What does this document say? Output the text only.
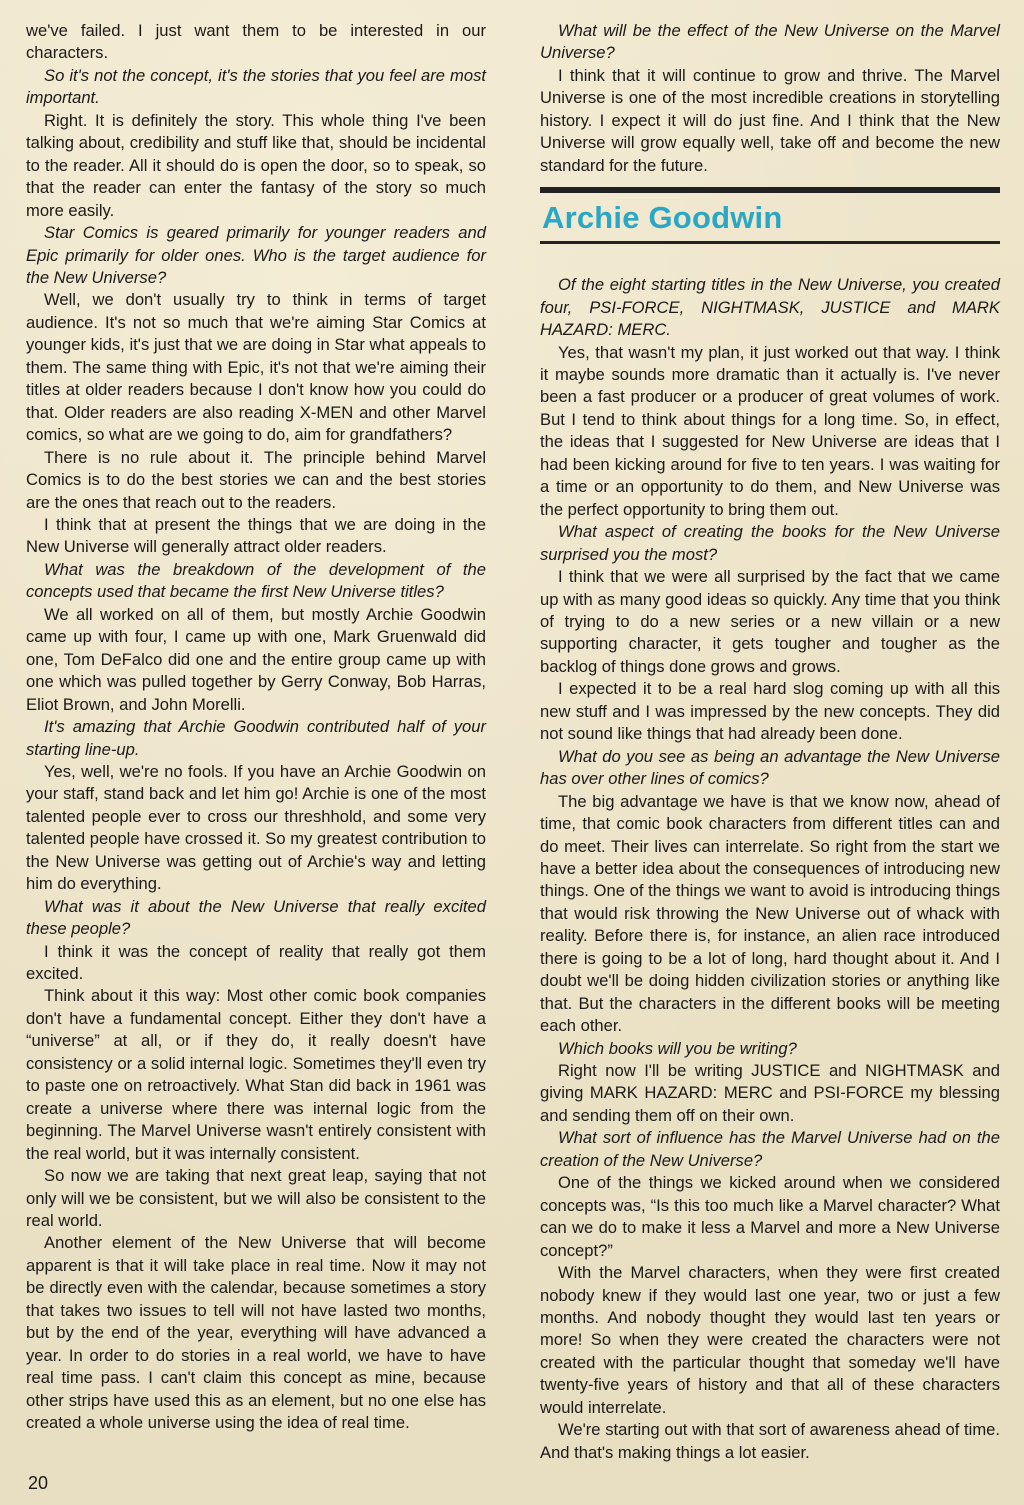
we've failed. I just want them to be interested in our characters.

So it's not the concept, it's the stories that you feel are most important.

Right. It is definitely the story. This whole thing I've been talking about, credibility and stuff like that, should be incidental to the reader. All it should do is open the door, so to speak, so that the reader can enter the fantasy of the story so much more easily.

Star Comics is geared primarily for younger readers and Epic primarily for older ones. Who is the target audience for the New Universe?

Well, we don't usually try to think in terms of target audience. It's not so much that we're aiming Star Comics at younger kids, it's just that we are doing in Star what appeals to them. The same thing with Epic, it's not that we're aiming their titles at older readers because I don't know how you could do that. Older readers are also reading X-MEN and other Marvel comics, so what are we going to do, aim for grandfathers?

There is no rule about it. The principle behind Marvel Comics is to do the best stories we can and the best stories are the ones that reach out to the readers.

I think that at present the things that we are doing in the New Universe will generally attract older readers.

What was the breakdown of the development of the concepts used that became the first New Universe titles?

We all worked on all of them, but mostly Archie Goodwin came up with four, I came up with one, Mark Gruenwald did one, Tom DeFalco did one and the entire group came up with one which was pulled together by Gerry Conway, Bob Harras, Eliot Brown, and John Morelli.

It's amazing that Archie Goodwin contributed half of your starting line-up.

Yes, well, we're no fools. If you have an Archie Goodwin on your staff, stand back and let him go! Archie is one of the most talented people ever to cross our threshhold, and some very talented people have crossed it. So my greatest contribution to the New Universe was getting out of Archie's way and letting him do everything.

What was it about the New Universe that really excited these people?

I think it was the concept of reality that really got them excited.

Think about it this way: Most other comic book companies don't have a fundamental concept. Either they don't have a “universe” at all, or if they do, it really doesn't have consistency or a solid internal logic. Sometimes they'll even try to paste one on retroactively. What Stan did back in 1961 was create a universe where there was internal logic from the beginning. The Marvel Universe wasn't entirely consistent with the real world, but it was internally consistent.

So now we are taking that next great leap, saying that not only will we be consistent, but we will also be consistent to the real world.

Another element of the New Universe that will become apparent is that it will take place in real time. Now it may not be directly even with the calendar, because sometimes a story that takes two issues to tell will not have lasted two months, but by the end of the year, everything will have advanced a year. In order to do stories in a real world, we have to have real time pass. I can't claim this concept as mine, because other strips have used this as an element, but no one else has created a whole universe using the idea of real time.

What will be the effect of the New Universe on the Marvel Universe?

I think that it will continue to grow and thrive. The Marvel Universe is one of the most incredible creations in storytelling history. I expect it will do just fine. And I think that the New Universe will grow equally well, take off and become the new standard for the future.

Archie Goodwin

Of the eight starting titles in the New Universe, you created four, PSI-FORCE, NIGHTMASK, JUSTICE and MARK HAZARD: MERC.

Yes, that wasn't my plan, it just worked out that way. I think it maybe sounds more dramatic than it actually is. I've never been a fast producer or a producer of great volumes of work. But I tend to think about things for a long time. So, in effect, the ideas that I suggested for New Universe are ideas that I had been kicking around for five to ten years. I was waiting for a time or an opportunity to do them, and New Universe was the perfect opportunity to bring them out.

What aspect of creating the books for the New Universe surprised you the most?

I think that we were all surprised by the fact that we came up with as many good ideas so quickly. Any time that you think of trying to do a new series or a new villain or a new supporting character, it gets tougher and tougher as the backlog of things done grows and grows.

I expected it to be a real hard slog coming up with all this new stuff and I was impressed by the new concepts. They did not sound like things that had already been done.

What do you see as being an advantage the New Universe has over other lines of comics?

The big advantage we have is that we know now, ahead of time, that comic book characters from different titles can and do meet. Their lives can interrelate. So right from the start we have a better idea about the consequences of introducing new things. One of the things we want to avoid is introducing things that would risk throwing the New Universe out of whack with reality. Before there is, for instance, an alien race introduced there is going to be a lot of long, hard thought about it. And I doubt we'll be doing hidden civilization stories or anything like that. But the characters in the different books will be meeting each other.

Which books will you be writing?

Right now I'll be writing JUSTICE and NIGHTMASK and giving MARK HAZARD: MERC and PSI-FORCE my blessing and sending them off on their own.

What sort of influence has the Marvel Universe had on the creation of the New Universe?

One of the things we kicked around when we considered concepts was, “Is this too much like a Marvel character? What can we do to make it less a Marvel and more a New Universe concept?”

With the Marvel characters, when they were first created nobody knew if they would last one year, two or just a few months. And nobody thought they would last ten years or more! So when they were created the characters were not created with the particular thought that someday we'll have twenty-five years of history and that all of these characters would interrelate.

We're starting out with that sort of awareness ahead of time. And that's making things a lot easier.

20
